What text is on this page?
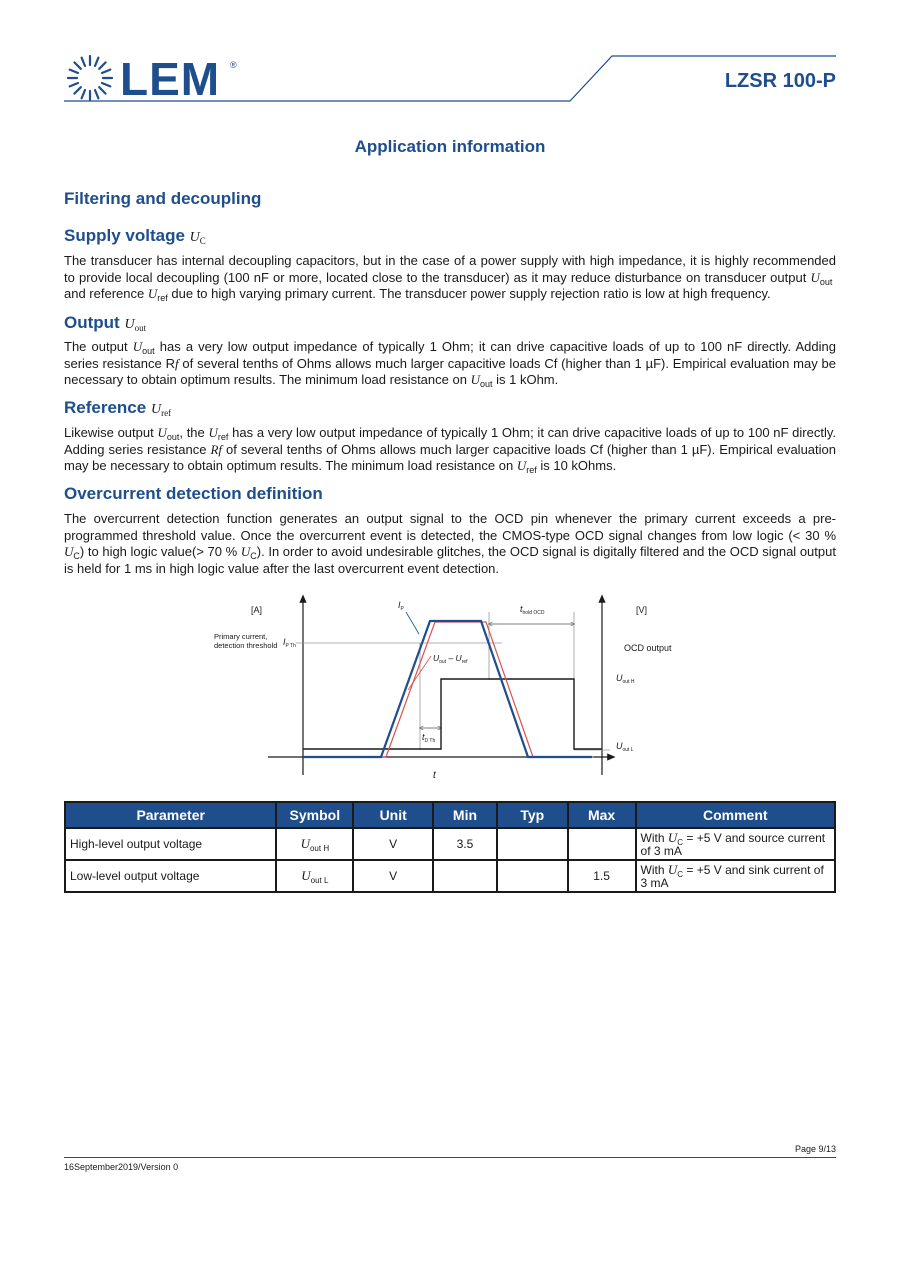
LEM ®
LZSR 100-P
Application information
Filtering and decoupling
Supply voltage $U_C$

The transducer has internal decoupling capacitors, but in the case of a power supply with high impedance, it is highly recommended to provide local decoupling (100 nF or more, located close to the transducer) as it may reduce disturbance on transducer output $U_{out}$  and reference $U_{ref}$ due to high varying primary current. The transducer power supply rejection ratio is low at high frequency.

Output $U_{out}$

The output $U_{out}$ has a very low output impedance of typically 1 Ohm; it can drive capacitive loads of up to 100 nF directly. Adding series resistance Rf of several tenths of Ohms allows much larger capacitive loads Cf (higher than 1 µF). Empirical evaluation may be necessary to obtain optimum results. The minimum load resistance on $U_{out}$ is 1 kOhm.

Reference $U_{ref}$

Likewise output $U_{out}$, the $U_{ref}$ has a very low output impedance of typically 1 Ohm; it can drive capacitive loads of up to 100 nF directly. Adding series resistance Rf of several tenths of Ohms allows much larger capacitive loads Cf (higher than 1 µF). Empirical evaluation may be necessary to obtain optimum results. The minimum load resistance on $U_{ref}$ is 10 kOhms.

Overcurrent detection definition

The overcurrent detection function generates an output signal to the OCD pin whenever the primary current exceeds a pre-programmed threshold value. Once the overcurrent event is detected, the CMOS-type OCD signal changes from low logic (< 30 % $U_C$) to high logic value(> 70 % $U_C$). In order to avoid undesirable glitches, the OCD signal is digitally filtered and the OCD signal output is held for 1 ms in high logic value after the last overcurrent event detection.

[A]	[V]
$I_P$	$t_{hold OCD}$
Primary current,
detection threshold $I_{P Th}$
$U_{out} - U_{ref}$
OCD output
$U_{out H}$
$U_{out L}$
$t_{D Th}$
t
Parameter	Symbol	Unit	Min	Typ	Max	Comment
High-level output voltage	$U_{out H}$	V	3.5			With $U_C = +5$ V and source current of 3 mA
Low-level output voltage	$U_{out L}$	V			1.5	With $U_C = +5$ V and sink current of 3 mA
Page 9/13
16September2019/Version 0
